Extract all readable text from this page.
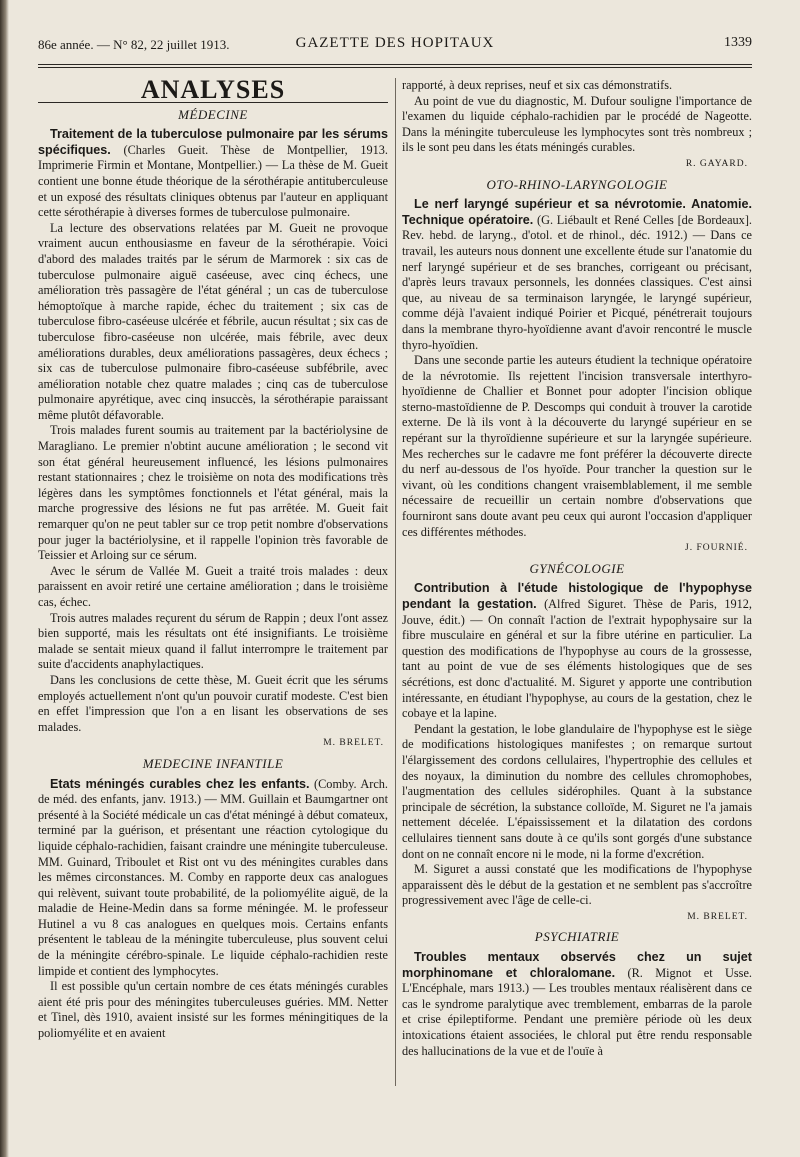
86e année. — N° 82, 22 juillet 1913.	GAZETTE DES HOPITAUX	1339
ANALYSES
MÉDECINE

Traitement de la tuberculose pulmonaire par les sérums spécifiques. (Charles Gueit. Thèse de Montpellier, 1913. Imprimerie Firmin et Montane, Montpellier.) — La thèse de M. Gueit contient une bonne étude théorique de la sérothérapie antituberculeuse et un exposé des résultats cliniques obtenus par l'auteur en appliquant cette sérothérapie à diverses formes de tuberculose pulmonaire.

La lecture des observations relatées par M. Gueit ne provoque vraiment aucun enthousiasme en faveur de la sérothérapie. Voici d'abord des malades traités par le sérum de Marmorek : six cas de tuberculose pulmonaire aiguë caséeuse, avec cinq échecs, une amélioration très passagère de l'état général ; un cas de tuberculose hémoptoïque à marche rapide, échec du traitement ; six cas de tuberculose fibro-caséeuse ulcérée et fébrile, aucun résultat ; six cas de tuberculose fibro-caséeuse non ulcérée, mais fébrile, avec deux améliorations durables, deux améliorations passagères, deux échecs ; six cas de tuberculose pulmonaire fibro-caséeuse subfébrile, avec amélioration notable chez quatre malades ; cinq cas de tuberculose pulmonaire apyrétique, avec cinq insuccès, la sérothérapie paraissant même plutôt défavorable.

Trois malades furent soumis au traitement par la bactériolysine de Maragliano. Le premier n'obtint aucune amélioration ; le second vit son état général heureusement influencé, les lésions pulmonaires restant stationnaires ; chez le troisième on nota des modifications très légères dans les symptômes fonctionnels et l'état général, mais la marche progressive des lésions ne fut pas arrêtée. M. Gueit fait remarquer qu'on ne peut tabler sur ce trop petit nombre d'observations pour juger la bactériolysine, et il rappelle l'opinion très favorable de Teissier et Arloing sur ce sérum.

Avec le sérum de Vallée M. Gueit a traité trois malades : deux paraissent en avoir retiré une certaine amélioration ; dans le troisième cas, échec.

Trois autres malades reçurent du sérum de Rappin ; deux l'ont assez bien supporté, mais les résultats ont été insignifiants. Le troisième malade se sentait mieux quand il fallut interrompre le traitement par suite d'accidents anaphylactiques.

Dans les conclusions de cette thèse, M. Gueit écrit que les sérums employés actuellement n'ont qu'un pouvoir curatif modeste. C'est bien en effet l'impression que l'on a en lisant les observations de ses malades.

M. BRELET.
MEDECINE INFANTILE

Etats méningés curables chez les enfants. (Comby. Arch. de méd. des enfants, janv. 1913.) — MM. Guillain et Baumgartner ont présenté à la Société médicale un cas d'état méningé à début comateux, terminé par la guérison, et présentant une réaction cytologique du liquide céphalo-rachidien, faisant craindre une méningite tuberculeuse. MM. Guinard, Triboulet et Rist ont vu des méningites curables dans les mêmes circonstances. M. Comby en rapporte deux cas analogues qui relèvent, suivant toute probabilité, de la poliomyélite aiguë, de la maladie de Heine-Medin dans sa forme méningée. M. le professeur Hutinel a vu 8 cas analogues en quelques mois. Certains enfants présentent le tableau de la méningite tuberculeuse, plus souvent celui de la méningite cérébro-spinale. Le liquide céphalo-rachidien reste limpide et contient des lymphocytes.

Il est possible qu'un certain nombre de ces états méningés curables aient été pris pour des méningites tuberculeuses guéries. MM. Netter et Tinel, dès 1910, avaient insisté sur les formes méningitiques de la poliomyélite et en avaient

rapporté, à deux reprises, neuf et six cas démonstratifs.

Au point de vue du diagnostic, M. Dufour souligne l'importance de l'examen du liquide céphalo-rachidien par le procédé de Nageotte. Dans la méningite tuberculeuse les lymphocytes sont très nombreux ; ils le sont peu dans les états méningés curables.

R. GAYARD.
OTO-RHINO-LARYNGOLOGIE

Le nerf laryngé supérieur et sa névrotomie. Anatomie. Technique opératoire. (G. Liébault et René Celles [de Bordeaux]. Rev. hebd. de laryng., d'otol. et de rhinol., déc. 1912.) — Dans ce travail, les auteurs nous donnent une excellente étude sur l'anatomie du nerf laryngé supérieur et de ses branches, corrigeant ou précisant, d'après leurs travaux personnels, les données classiques. C'est ainsi que, au niveau de sa terminaison laryngée, le laryngé supérieur, comme déjà l'avaient indiqué Poirier et Picqué, pénétrerait toujours dans la membrane thyro-hyoïdienne avant d'avoir rencontré le muscle thyro-hyoïdien.

Dans une seconde partie les auteurs étudient la technique opératoire de la névrotomie. Ils rejettent l'incision transversale interthyro-hyoïdienne de Challier et Bonnet pour adopter l'incision oblique sterno-mastoïdienne de P. Descomps qui conduit à trouver la carotide externe. De là ils vont à la découverte du laryngé supérieur en se repérant sur la thyroïdienne supérieure et sur la laryngée supérieure. Mes recherches sur le cadavre me font préférer la découverte directe du nerf au-dessous de l'os hyoïde. Pour trancher la question sur le vivant, où les conditions changent vraisemblablement, il me semble nécessaire de recueillir un certain nombre d'observations que fourniront sans doute avant peu ceux qui auront l'occasion d'appliquer ces différentes méthodes.

J. FOURNIÉ.
GYNÉCOLOGIE

Contribution à l'étude histologique de l'hypophyse pendant la gestation. (Alfred Siguret. Thèse de Paris, 1912, Jouve, édit.) — On connaît l'action de l'extrait hypophysaire sur la fibre musculaire en général et sur la fibre utérine en particulier. La question des modifications de l'hypophyse au cours de la grossesse, tant au point de vue de ses éléments histologiques que de ses sécrétions, est donc d'actualité. M. Siguret y apporte une contribution intéressante, en étudiant l'hypophyse, au cours de la gestation, chez le cobaye et la lapine.

Pendant la gestation, le lobe glandulaire de l'hypophyse est le siège de modifications histologiques manifestes ; on remarque surtout l'élargissement des cordons cellulaires, l'hypertrophie des cellules et des noyaux, la diminution du nombre des cellules chromophobes, l'augmentation des cellules sidérophiles. Quant à la substance principale de sécrétion, la substance colloïde, M. Siguret ne l'a jamais nettement décelée. L'épaississement et la dilatation des cordons cellulaires tiennent sans doute à ce qu'ils sont gorgés d'une substance dont on ne connaît encore ni le mode, ni la forme d'excrétion.

M. Siguret a aussi constaté que les modifications de l'hypophyse apparaissent dès le début de la gestation et ne semblent pas s'accroître progressivement avec l'âge de celle-ci.

M. BRELET.
PSYCHIATRIE

Troubles mentaux observés chez un sujet morphinomane et chloralomane. (R. Mignot et Usse. L'Encéphale, mars 1913.) — Les troubles mentaux réalisèrent dans ce cas le syndrome paralytique avec tremblement, embarras de la parole et crise épileptiforme. Pendant une première période où les deux intoxications étaient associées, le chloral put être rendu responsable des hallucinations de la vue et de l'ouïe à
